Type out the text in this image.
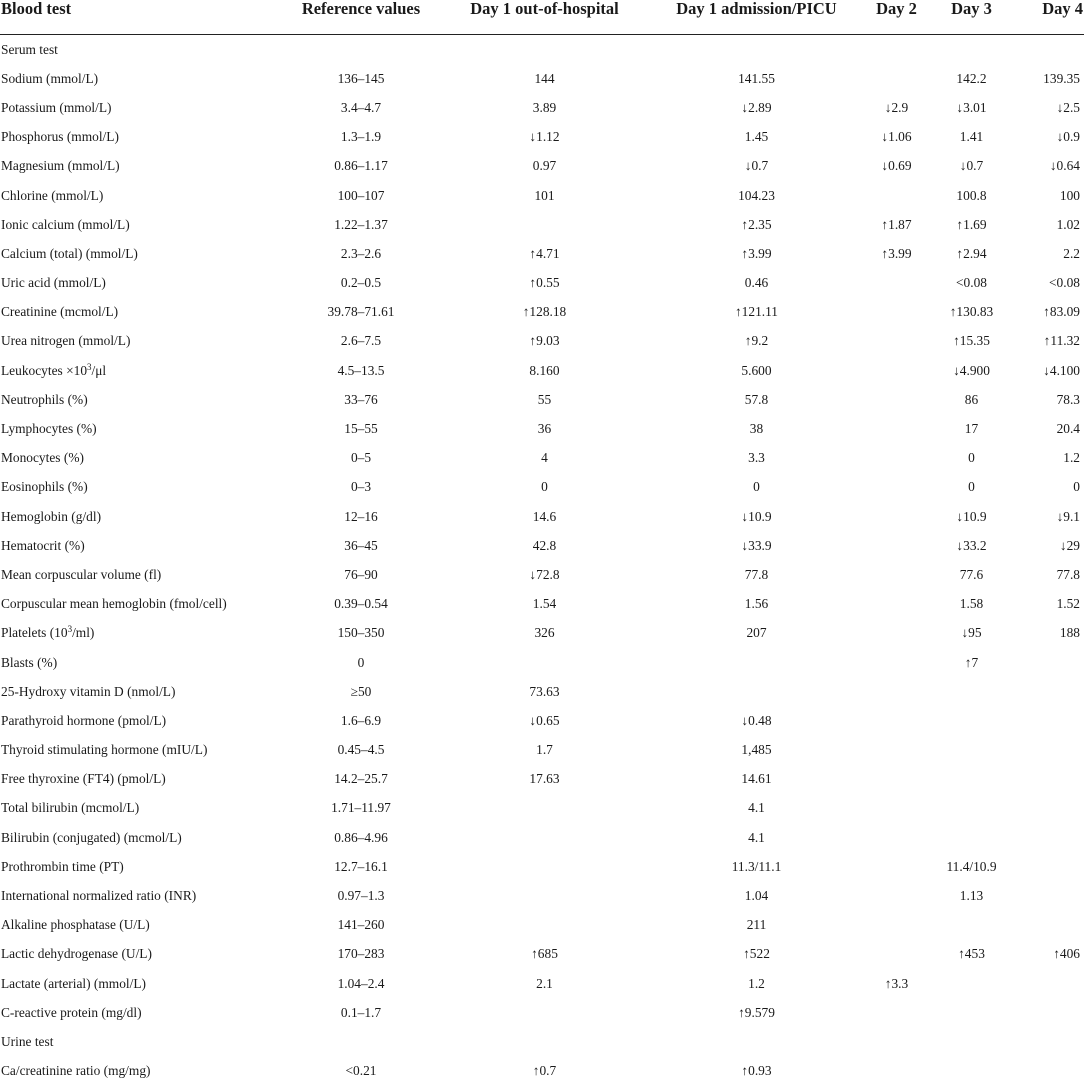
Blood test	Reference values	Day 1 out-of-hospital	Day 1 admission/PICU	Day 2	Day 3	Day 4
Serum test						
Sodium (mmol/L)	136–145	144	141.55		142.2	139.35
Potassium (mmol/L)	3.4–4.7	3.89	↓2.89	↓2.9	↓3.01	↓2.5
Phosphorus (mmol/L)	1.3–1.9	↓1.12	1.45	↓1.06	1.41	↓0.9
Magnesium (mmol/L)	0.86–1.17	0.97	↓0.7	↓0.69	↓0.7	↓0.64
Chlorine (mmol/L)	100–107	101	104.23		100.8	100
Ionic calcium (mmol/L)	1.22–1.37		↑2.35	↑1.87	↑1.69	1.02
Calcium (total) (mmol/L)	2.3–2.6	↑4.71	↑3.99	↑3.99	↑2.94	2.2
Uric acid (mmol/L)	0.2–0.5	↑0.55	0.46		<0.08	<0.08
Creatinine (mcmol/L)	39.78–71.61	↑128.18	↑121.11		↑130.83	↑83.09
Urea nitrogen (mmol/L)	2.6–7.5	↑9.03	↑9.2		↑15.35	↑11.32
Leukocytes $\times 10^3/\mu l$	4.5–13.5	8.160	5.600		↓4.900	↓4.100
Neutrophils (%)	33–76	55	57.8		86	78.3
Lymphocytes (%)	15–55	36	38		17	20.4
Monocytes (%)	0–5	4	3.3		0	1.2
Eosinophils (%)	0–3	0	0		0	0
Hemoglobin (g/dl)	12–16	14.6	↓10.9		↓10.9	↓9.1
Hematocrit (%)	36–45	42.8	↓33.9		↓33.2	↓29
Mean corpuscular volume (fl)	76–90	↓72.8	77.8		77.6	77.8
Corpuscular mean hemoglobin (fmol/cell)	0.39–0.54	1.54	1.56		1.58	1.52
Platelets $(10^3/ml)$	150–350	326	207		↓95	188
Blasts (%)	0				↑7	
25-Hydroxy vitamin D (nmol/L)	≥50	73.63				
Parathyroid hormone (pmol/L)	1.6–6.9	↓0.65	↓0.48			
Thyroid stimulating hormone (mIU/L)	0.45–4.5	1.7	1,485			
Free thyroxine (FT4) (pmol/L)	14.2–25.7	17.63	14.61			
Total bilirubin (mcmol/L)	1.71–11.97		4.1			
Bilirubin (conjugated) (mcmol/L)	0.86–4.96		4.1			
Prothrombin time (PT)	12.7–16.1		11.3/11.1		11.4/10.9	
International normalized ratio (INR)	0.97–1.3		1.04		1.13	
Alkaline phosphatase (U/L)	141–260		211			
Lactic dehydrogenase (U/L)	170–283	↑685	↑522		↑453	↑406
Lactate (arterial) (mmol/L)	1.04–2.4	2.1	1.2	↑3.3		
C-reactive protein (mg/dl)	0.1–1.7		↑9.579			
Urine test						
Ca/creatinine ratio (mg/mg)	<0.21	↑0.7	↑0.93			
